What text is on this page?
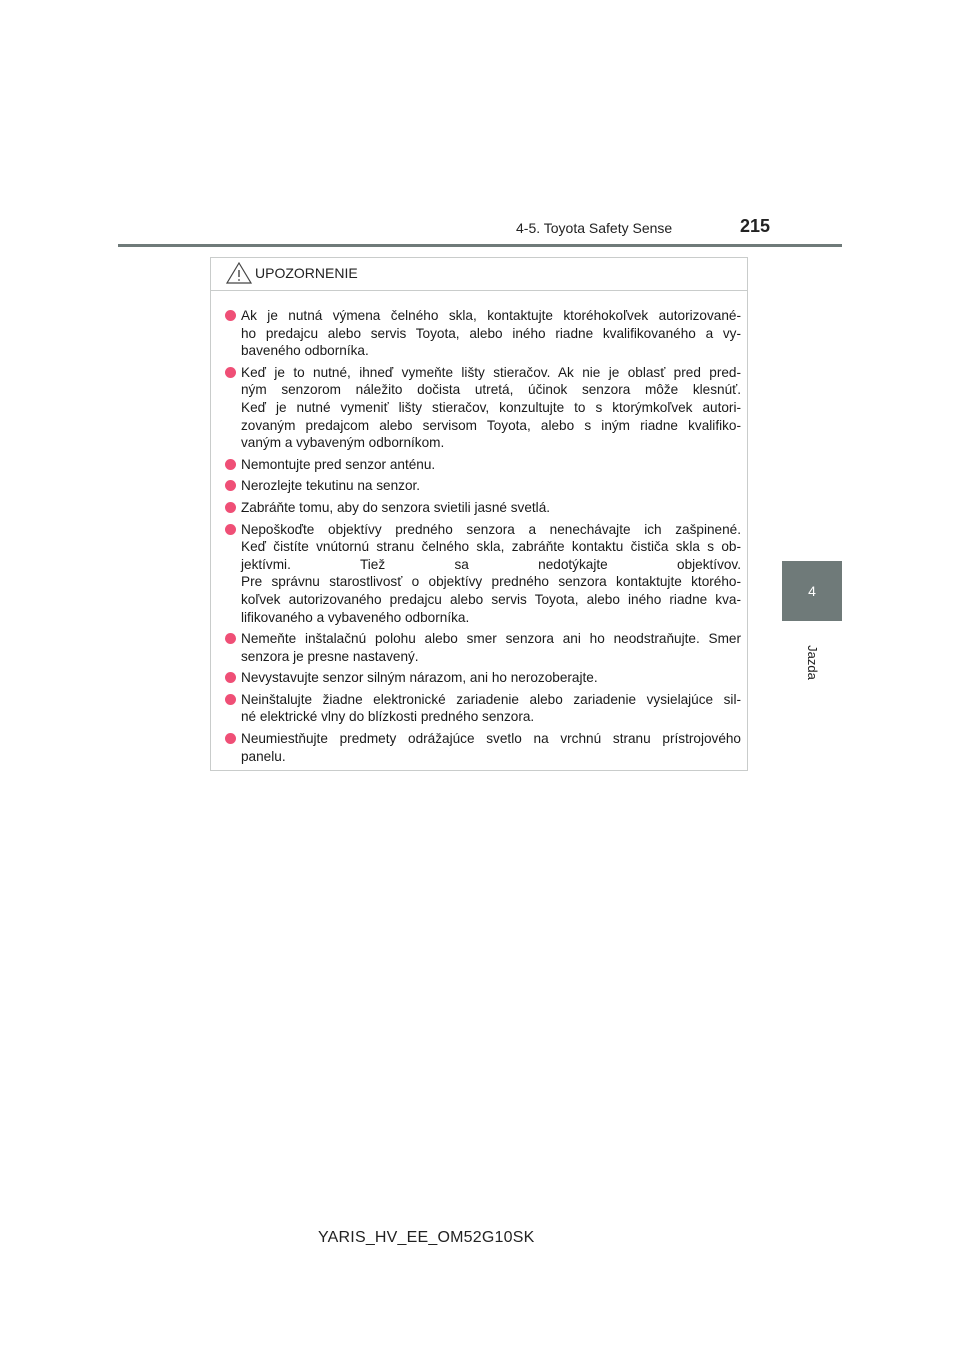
4-5. Toyota Safety Sense	215
4
Jazda
UPOZORNENIE
Ak je nutná výmena čelného skla, kontaktujte ktoréhokoľvek autorizované-
ho predajcu alebo servis Toyota, alebo iného riadne kvalifikovaného a vy-
baveného odborníka.
Keď je to nutné, ihneď vymeňte lišty stieračov. Ak nie je oblasť pred pred-
ným senzorom náležito dočista utretá, účinok senzora môže klesnúť.
Keď je nutné vymeniť lišty stieračov, konzultujte to s ktorýmkoľvek autori-
zovaným predajcom alebo servisom Toyota, alebo s iným riadne kvalifiko-
vaným a vybaveným odborníkom.
Nemontujte pred senzor anténu.
Nerozlejte tekutinu na senzor.
Zabráňte tomu, aby do senzora svietili jasné svetlá.
Nepoškoďte objektívy predného senzora a nenechávajte ich zašpinené.
Keď čistíte vnútornú stranu čelného skla, zabráňte kontaktu čističa skla s ob-
jektívmi. Tiež sa nedotýkajte objektívov.
Pre správnu starostlivosť o objektívy predného senzora kontaktujte ktorého-
koľvek autorizovaného predajcu alebo servis Toyota, alebo iného riadne kva-
lifikovaného a vybaveného odborníka.
Nemeňte inštalačnú polohu alebo smer senzora ani ho neodstraňujte. Smer
senzora je presne nastavený.
Nevystavujte senzor silným nárazom, ani ho nerozoberajte.
Neinštalujte žiadne elektronické zariadenie alebo zariadenie vysielajúce sil-
né elektrické vlny do blízkosti predného senzora.
Neumiestňujte predmety odrážajúce svetlo na vrchnú stranu prístrojového
panelu.
YARIS_HV_EE_OM52G10SK
